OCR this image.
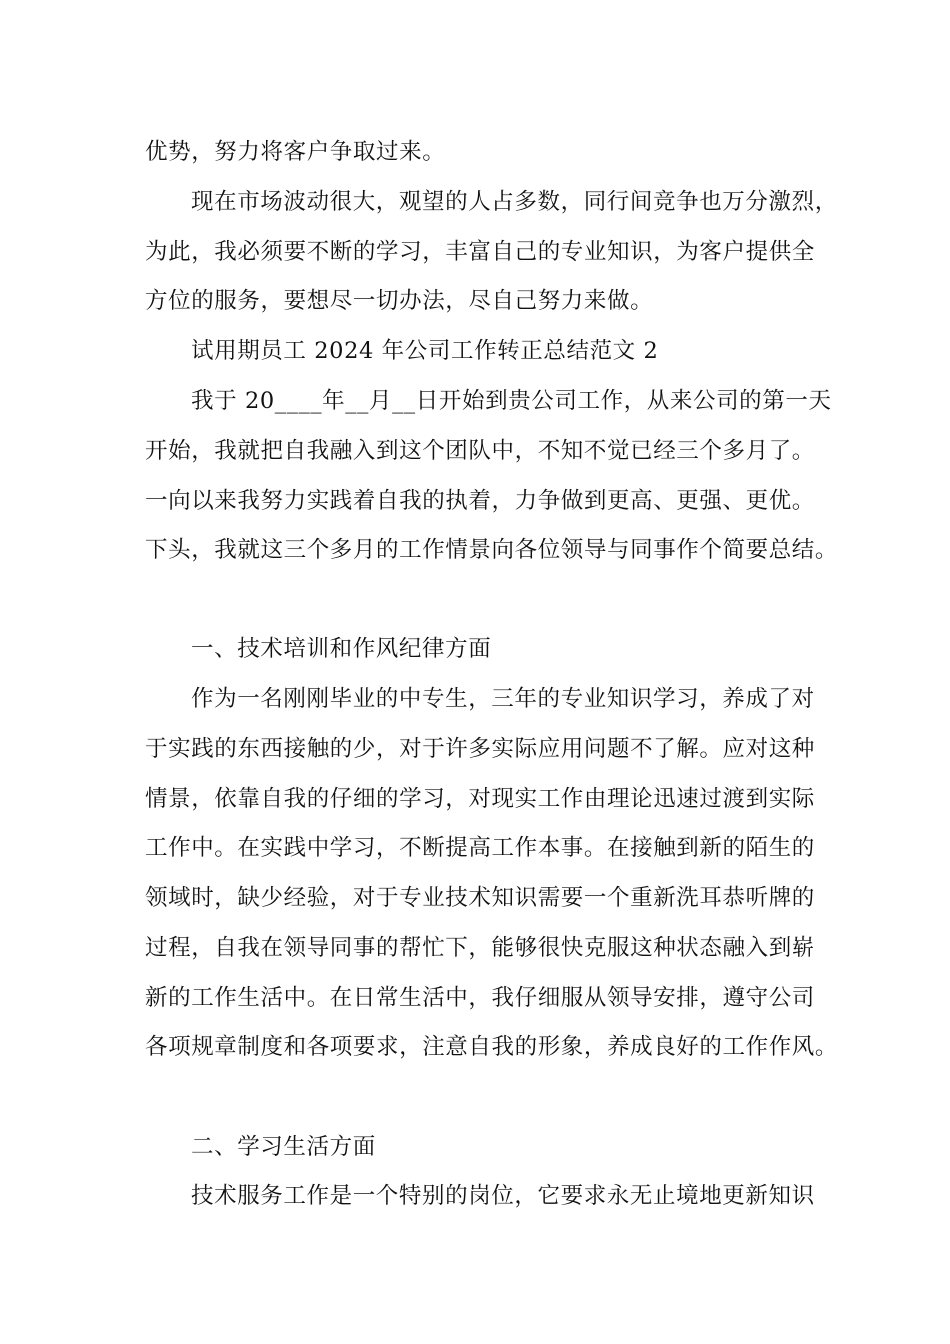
优势，努力将客户争取过来。
现在市场波动很大，观望的人占多数，同行间竞争也万分激烈，
为此，我必须要不断的学习，丰富自己的专业知识，为客户提供全
方位的服务，要想尽一切办法，尽自己努力来做。
试用期员工 2024 年公司工作转正总结范文 2
我于 20____年__月__日开始到贵公司工作，从来公司的第一天
开始，我就把自我融入到这个团队中，不知不觉已经三个多月了。
一向以来我努力实践着自我的执着，力争做到更高、更强、更优。
下头，我就这三个多月的工作情景向各位领导与同事作个简要总结。
一、技术培训和作风纪律方面
作为一名刚刚毕业的中专生，三年的专业知识学习，养成了对
于实践的东西接触的少，对于许多实际应用问题不了解。应对这种
情景，依靠自我的仔细的学习，对现实工作由理论迅速过渡到实际
工作中。在实践中学习，不断提高工作本事。在接触到新的陌生的
领域时，缺少经验，对于专业技术知识需要一个重新洗耳恭听牌的
过程，自我在领导同事的帮忙下，能够很快克服这种状态融入到崭
新的工作生活中。在日常生活中，我仔细服从领导安排，遵守公司
各项规章制度和各项要求，注意自我的形象，养成良好的工作作风。
二、学习生活方面
技术服务工作是一个特别的岗位，它要求永无止境地更新知识
